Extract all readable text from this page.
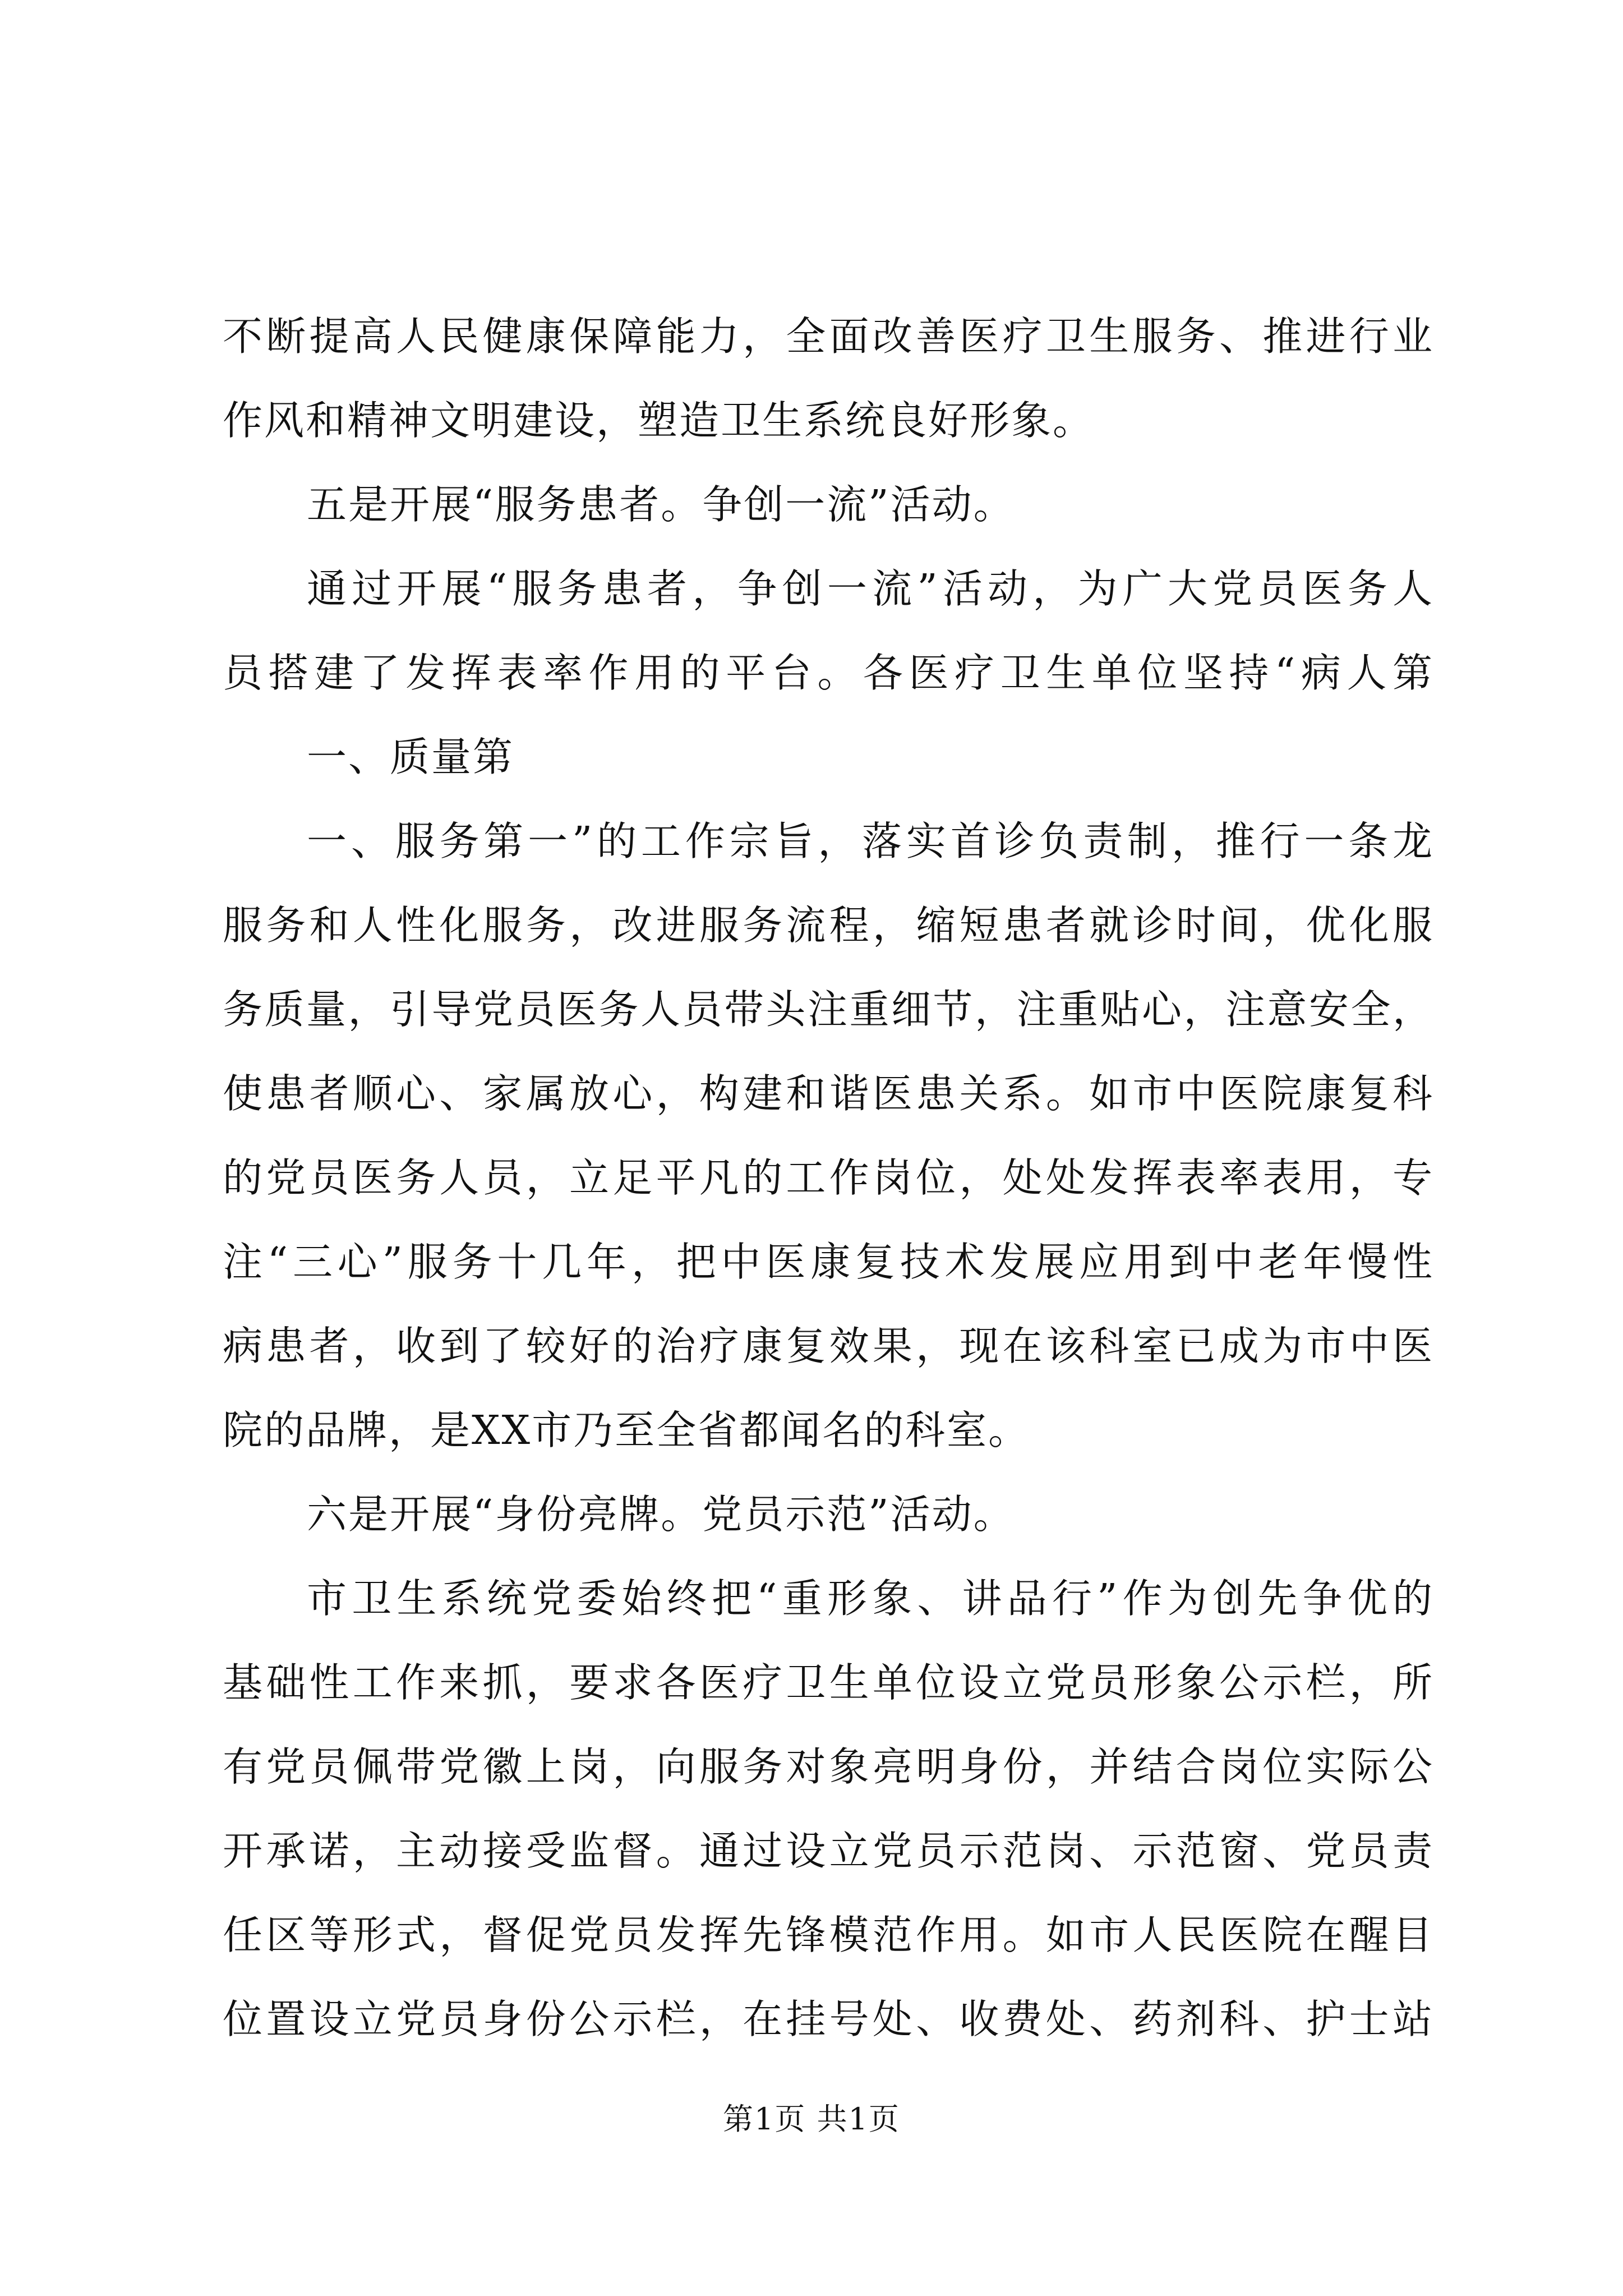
不断提高人民健康保障能力，全面改善医疗卫生服务、推进行业
作风和精神文明建设，塑造卫生系统良好形象。
五是开展“服务患者。争创一流”活动。
通过开展“服务患者，争创一流”活动，为广大党员医务人
员搭建了发挥表率作用的平台。各医疗卫生单位坚持“病人第
一、质量第
一、服务第一”的工作宗旨，落实首诊负责制，推行一条龙
服务和人性化服务，改进服务流程，缩短患者就诊时间，优化服
务质量，引导党员医务人员带头注重细节，注重贴心，注意安全，
使患者顺心、家属放心，构建和谐医患关系。如市中医院康复科
的党员医务人员，立足平凡的工作岗位，处处发挥表率表用，专
注“三心”服务十几年，把中医康复技术发展应用到中老年慢性
病患者，收到了较好的治疗康复效果，现在该科室已成为市中医
院的品牌，是XX市乃至全省都闻名的科室。
六是开展“身份亮牌。党员示范”活动。
市卫生系统党委始终把“重形象、讲品行”作为创先争优的
基础性工作来抓，要求各医疗卫生单位设立党员形象公示栏，所
有党员佩带党徽上岗，向服务对象亮明身份，并结合岗位实际公
开承诺，主动接受监督。通过设立党员示范岗、示范窗、党员责
任区等形式，督促党员发挥先锋模范作用。如市人民医院在醒目
位置设立党员身份公示栏，在挂号处、收费处、药剂科、护士站
第1页 共1页
